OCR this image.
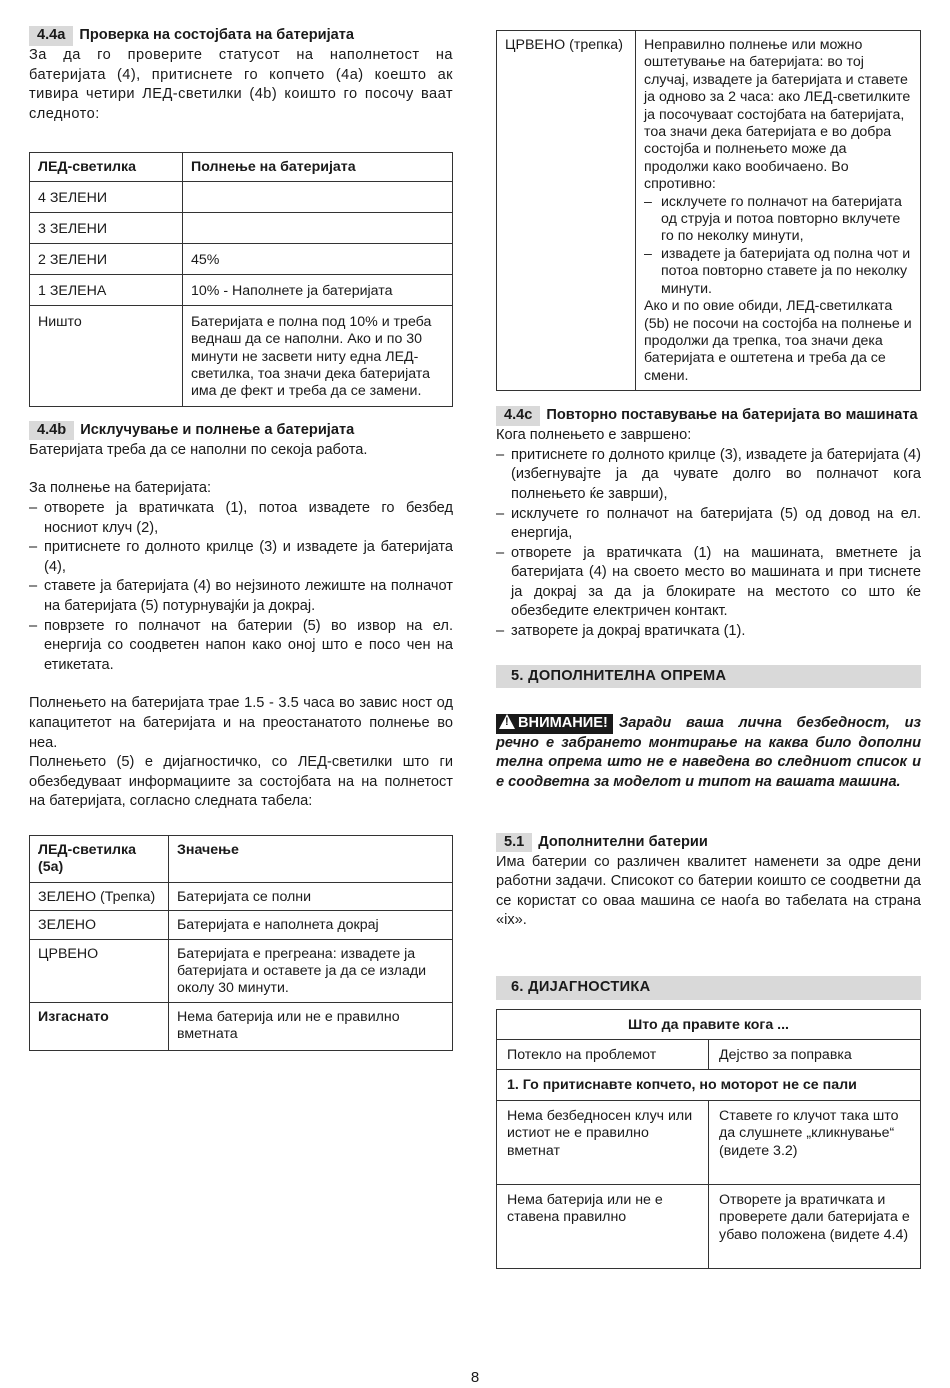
4.4a Проверка на состојбата на батеријата

За да го проверите статусот на наполнетост на батеријата (4), притиснете го копчето (4а) коешто ак тивира четири ЛЕД-светилки (4b) коишто го посочу ваат следното:

ЛЕД-светилка	Полнење на батеријата
4 ЗЕЛЕНИ	
3 ЗЕЛЕНИ	
2 ЗЕЛЕНИ	45%
1 ЗЕЛЕНА	10% - Наполнете ја батеријата
Ништо	Батеријата е полна под 10% и треба веднаш да се наполни. Ако и по 30 минути не засвети ниту една ЛЕД-светилка, тоа значи дека батеријата има де фект и треба да се замени.
4.4b Исклучување и полнење а батеријата

Батеријата треба да се наполни по секоја работа.

За полнење на батеријата:

– отворете ја вратичката (1), потоа извадете го безбед носниот клуч (2),
– притиснете го долното крилце (3) и извадете ја батеријата (4),
– ставете ја батеријата (4) во нејзиното лежиште на полначот на батеријата (5) потурнувајќи ја докрај.
– поврзете го полначот на батерии (5) во извор на ел. енергија со соодветен напон како оној што е посо чен на етикетата.

Полнењето на батеријата трае 1.5 - 3.5 часа во завис ност од капацитетот на батеријата и на преостанатото полнење во неа.

Полнењето (5) е дијагностичко, со ЛЕД-светилки што ги обезбедуваат информациите за состојбата на на полнетост на батеријата, согласно следната табела:

ЛЕД-светилка (5а)	Значење
ЗЕЛЕНО (Трепка)	Батеријата се полни
ЗЕЛЕНО	Батеријата е наполнета докрај
ЦРВЕНО	Батеријата е прегреана: извадете ја батеријата и оставете ја да се излади околу 30 минути.
Изгаснато	Нема батерија или не е правилно вметната
ЦРВЕНО (трепка)	Неправилно полнење или можно оштетување на батеријата: во тој случај, извадете ја батеријата и ставете ја одново за 2 часа: ако ЛЕД-светилките ја посочуваат состојбата на батеријата, тоа значи дека батеријата е во добра состојба и полнењето може да продолжи како вообичаено. Во спротивно:
– исклучете го полначот на батеријата од струја и потоа повторно вклучете го по неколку минути,
– извадете ја батеријата од полна чот и потоа повторно ставете ја по неколку минути.
Ако и по овие обиди, ЛЕД-светилката (5b) не посочи на состојба на полнење и продолжи да трепка, тоа значи дека батеријата е оштетена и треба да се смени.
4.4c Повторно поставување на батеријата во машината

Кога полнењето е завршено:

– притиснете го долното крилце (3), извадете ја батеријата (4) (избегнувајте ја да чувате долго во полначот кога полнењето ќе заврши),
– исклучете го полначот на батеријата (5) од довод на ел. енергија,
– отворете ја вратичката (1) на машината, вметнете ја батеријата (4) на своето место во машината и при тиснете ја докрај за да ја блокирате на местото со што ќе обезбедите електричен контакт.
– затворете ја докрај вратичката (1).
5. ДОПОЛНИТЕЛНА ОПРЕМА

! ВНИМАНИЕ! Заради ваша лична безбедност, из речно е забрането монтирање на каква било дополни телна опрема што не е наведена во следниот список и е соодветна за моделот и типот на вашата машина.

5.1 Дополнителни батерии

Има батерии со различен квалитет наменети за одре дени работни задачи. Списокот со батерии коишто се соодветни да се користат со оваа машина се наоѓа во табелата на страна «ix».

6. ДИЈАГНОСТИКА
Што да правите кога ...	
Потекло на проблемот	Дејство за поправка
1. Го притиснавте копчето, но моторот не се пали	
Нема безбедносен клуч или истиот не е правилно вметнат	Ставете го клучот така што да слушнете „кликнување“ (видете 3.2)
Нема батерија или не е ставена правилно	Отворете ја вратичката и проверете дали батеријата е убаво положена (видете 4.4)
8
